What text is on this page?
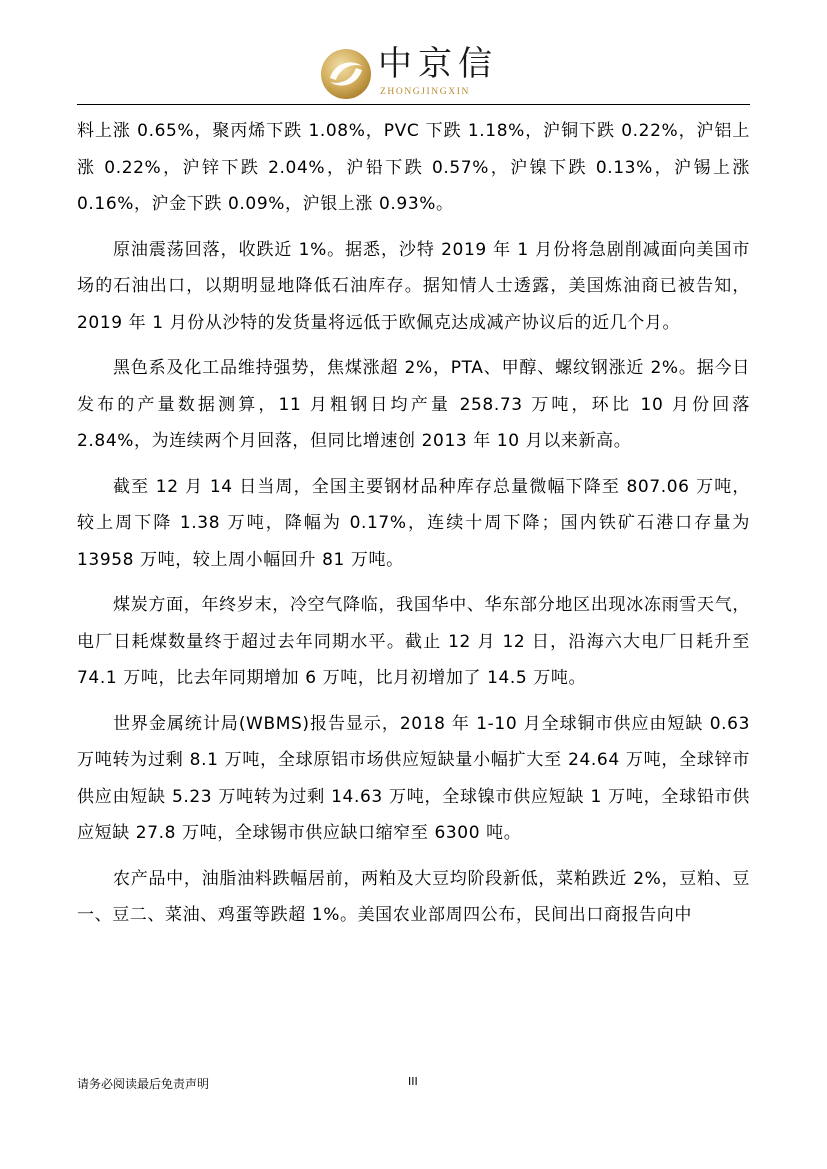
中京信
ZHONGJINGXIN

料上涨 0.65%，聚丙烯下跌 1.08%，PVC 下跌 1.18%，沪铜下跌 0.22%，沪铝上涨 0.22%，沪锌下跌 2.04%，沪铅下跌 0.57%，沪镍下跌 0.13%，沪锡上涨 0.16%，沪金下跌 0.09%，沪银上涨 0.93%。

原油震荡回落，收跌近 1%。据悉，沙特 2019 年 1 月份将急剧削减面向美国市场的石油出口，以期明显地降低石油库存。据知情人士透露，美国炼油商已被告知，2019 年 1 月份从沙特的发货量将远低于欧佩克达成减产协议后的近几个月。

黑色系及化工品维持强势，焦煤涨超 2%，PTA、甲醇、螺纹钢涨近 2%。据今日发布的产量数据测算，11 月粗钢日均产量 258.73 万吨，环比 10 月份回落 2.84%，为连续两个月回落，但同比增速创 2013 年 10 月以来新高。

截至 12 月 14 日当周，全国主要钢材品种库存总量微幅下降至 807.06 万吨，较上周下降 1.38 万吨，降幅为 0.17%，连续十周下降；国内铁矿石港口存量为 13958 万吨，较上周小幅回升 81 万吨。

煤炭方面，年终岁末，冷空气降临，我国华中、华东部分地区出现冰冻雨雪天气，电厂日耗煤数量终于超过去年同期水平。截止 12 月 12 日，沿海六大电厂日耗升至 74.1 万吨，比去年同期增加 6 万吨，比月初增加了 14.5 万吨。

世界金属统计局(WBMS)报告显示，2018 年 1-10 月全球铜市供应由短缺 0.63 万吨转为过剩 8.1 万吨，全球原铝市场供应短缺量小幅扩大至 24.64 万吨，全球锌市供应由短缺 5.23 万吨转为过剩 14.63 万吨，全球镍市供应短缺 1 万吨，全球铅市供应短缺 27.8 万吨，全球锡市供应缺口缩窄至 6300 吨。

农产品中，油脂油料跌幅居前，两粕及大豆均阶段新低，菜粕跌近 2%，豆粕、豆一、豆二、菜油、鸡蛋等跌超 1%。美国农业部周四公布，民间出口商报告向中

请务必阅读最后免责声明	III
